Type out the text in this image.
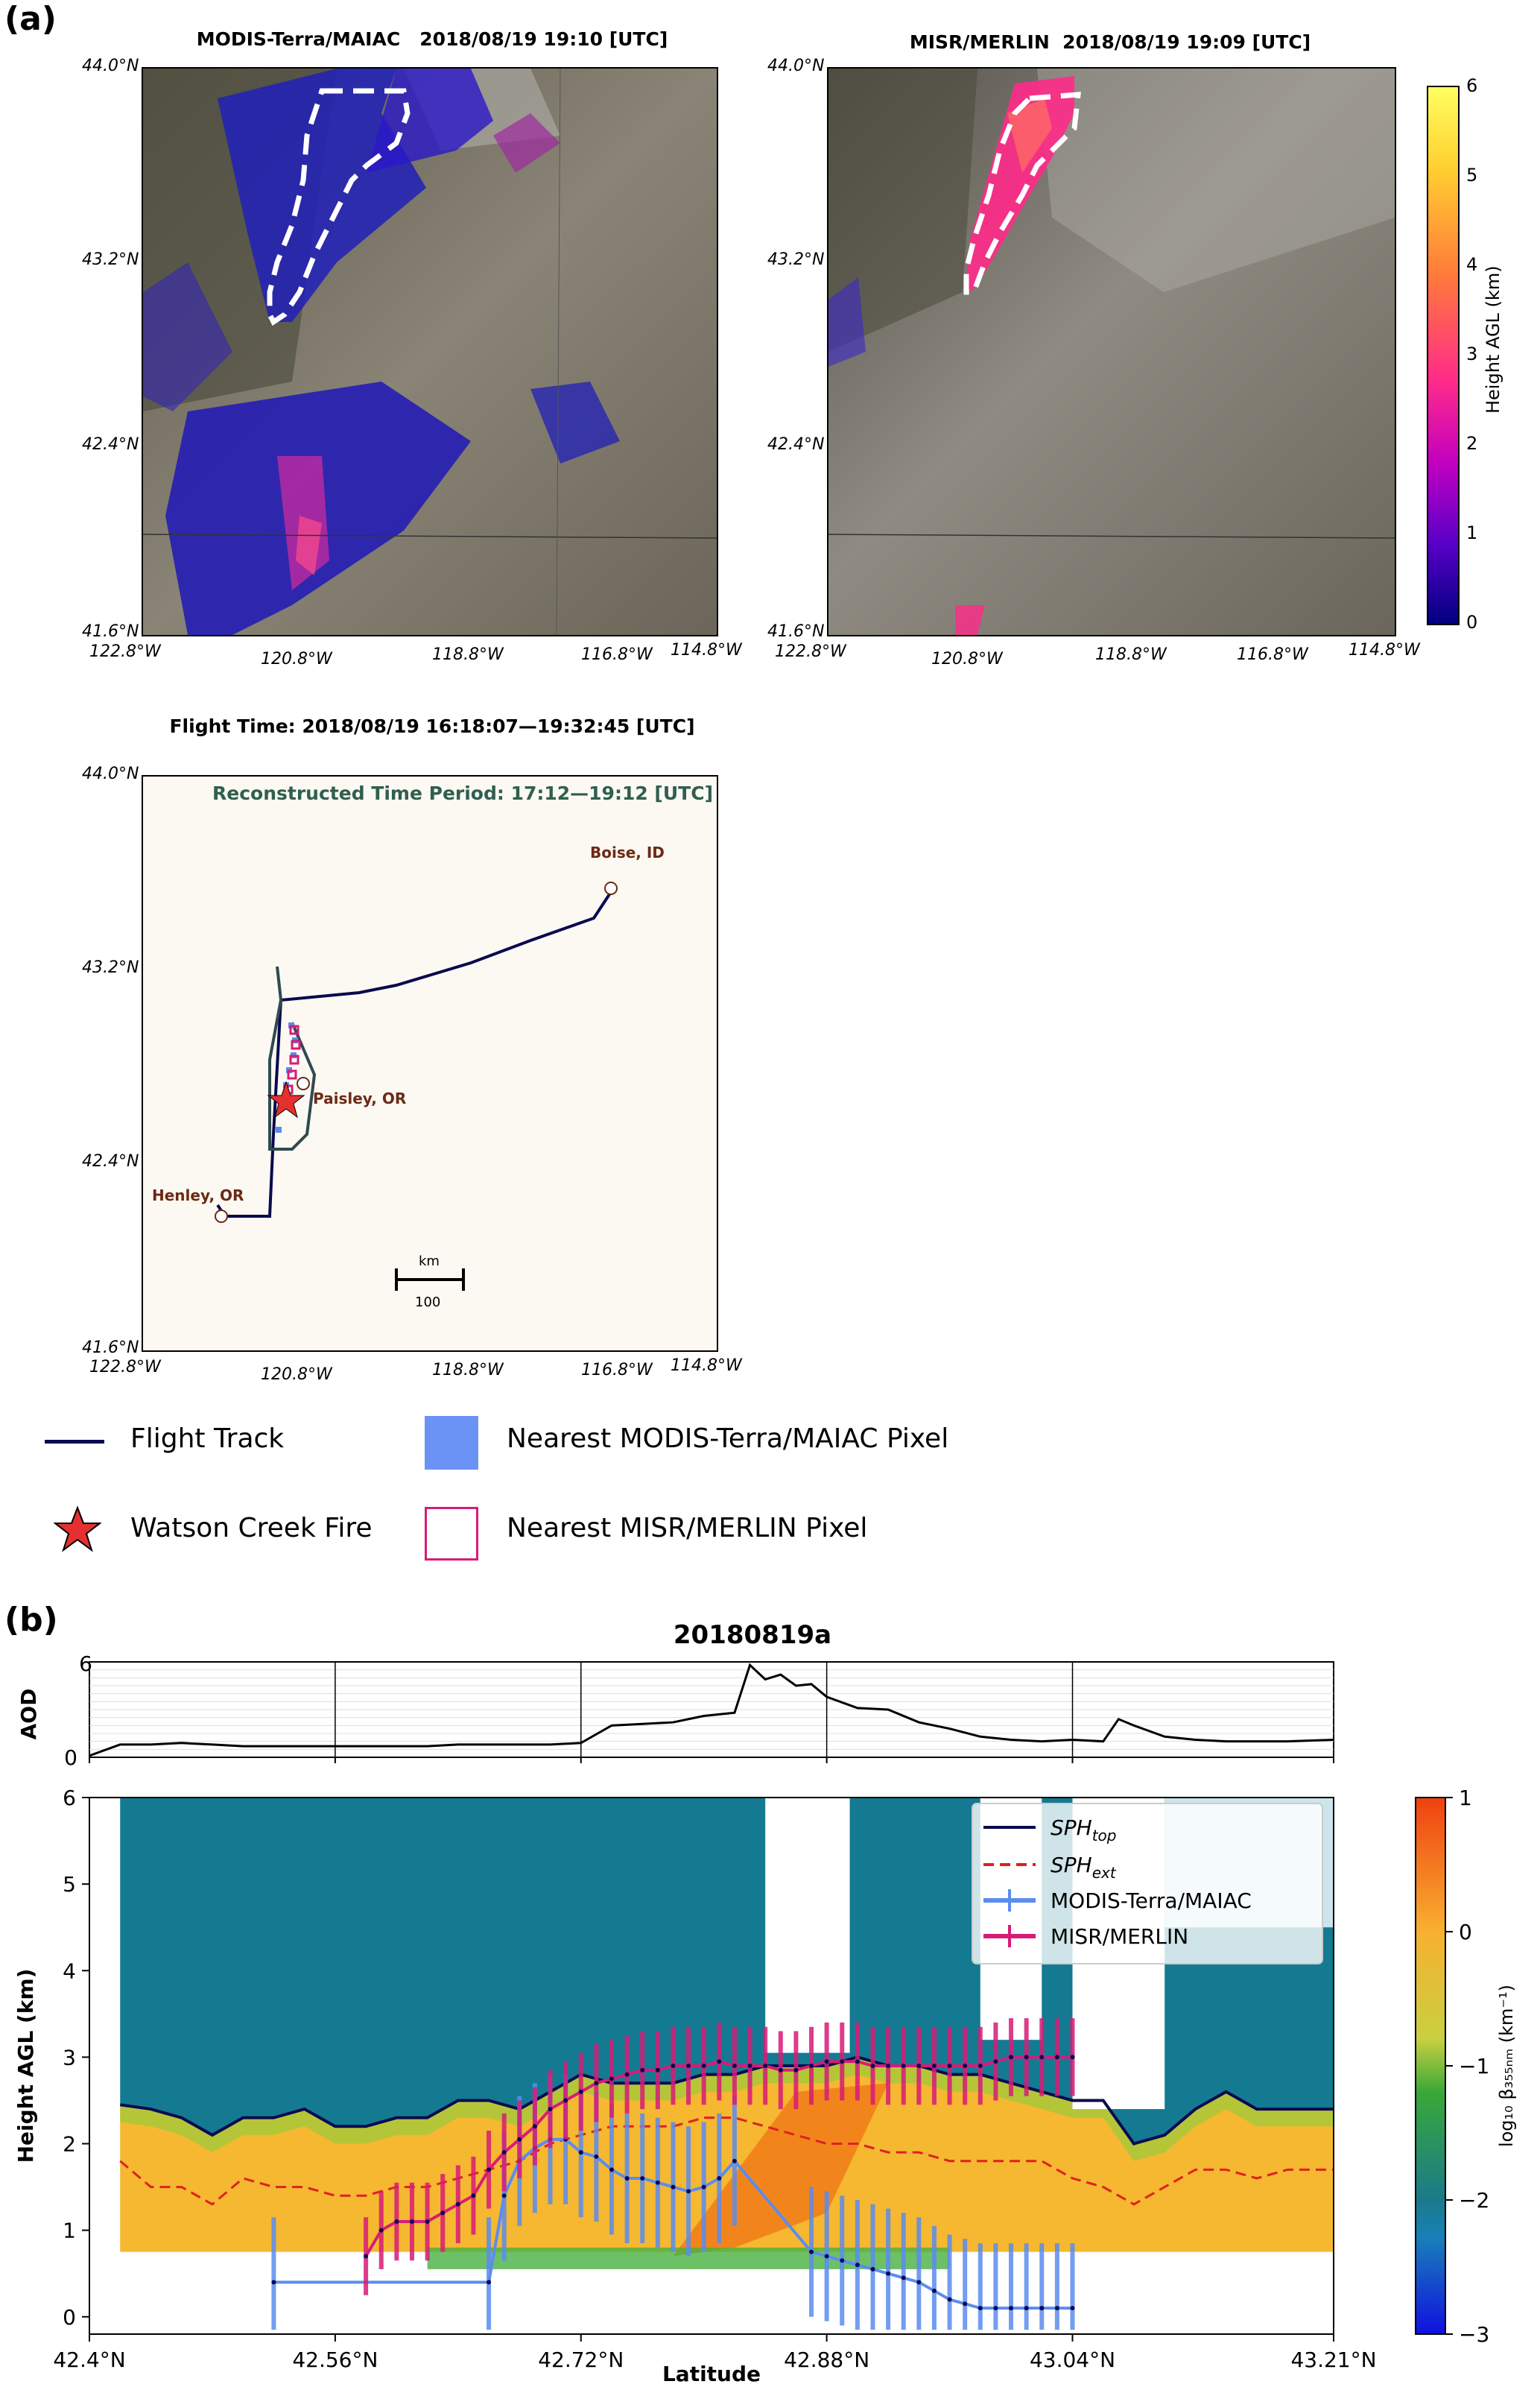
(a)
(b)
MODIS-Terra/MAIAC   2018/08/19 19:10 [UTC]	MISR/MERLIN  2018/08/19 19:09 [UTC]
Flight Time: 2018/08/19 16:18:07—19:32:45 [UTC]
44.0°N
43.2°N
42.4°N
41.6°N
122.8°W	120.8°W	118.8°W	116.8°W 114.8°W
44.0°N
43.2°N
42.4°N
41.6°N
122.8°W	120.8°W	118.8°W	116.8°W 114.8°W
6
5
4
3
2
1
0
Height AGL (km)
Reconstructed Time Period: 17:12—19:12 [UTC]
Boise, ID
Paisley, OR
Henley, OR
km
100
44.0°N
43.2°N
42.4°N
41.6°N
122.8°W	120.8°W	118.8°W	116.8°W 114.8°W
Flight Track
Watson Creek Fire
Nearest MODIS-Terra/MAIAC Pixel
Nearest MISR/MERLIN Pixel
20180819a
6
0
AOD
42.4°N	42.56°N	42.72°N	42.88°N	43.04°N	43.21°N
0
1
2
3
4
5
6
Height AGL (km)
Latitude
$SPH_{top}$
$SPH_{ext}$
MODIS-Terra/MAIAC
MISR/MERLIN
1
0
−1
−2
−3
log₁₀ β₃₅₅ₙₘ (km⁻¹)
